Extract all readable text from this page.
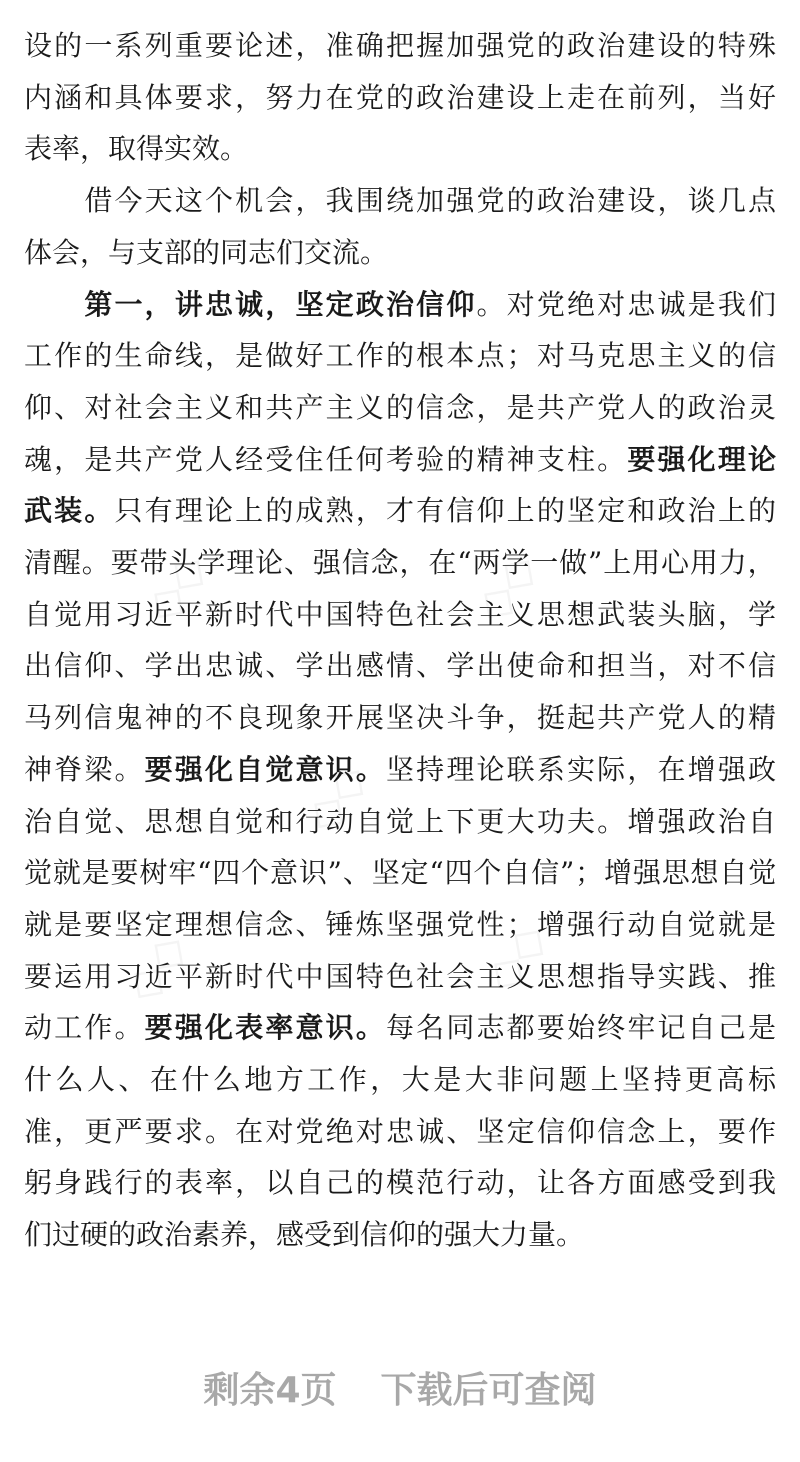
设的一系列重要论述，准确把握加强党的政治建设的特殊
内涵和具体要求，努力在党的政治建设上走在前列，当好
表率，取得实效。
　　借今天这个机会，我围绕加强党的政治建设，谈几点
体会，与支部的同志们交流。
　　第一，讲忠诚，坚定政治信仰。对党绝对忠诚是我们
工作的生命线，是做好工作的根本点；对马克思主义的信
仰、对社会主义和共产主义的信念，是共产党人的政治灵
魂，是共产党人经受住任何考验的精神支柱。要强化理论
武装。只有理论上的成熟，才有信仰上的坚定和政治上的
清醒。要带头学理论、强信念，在“两学一做”上用心用力，
自觉用习近平新时代中国特色社会主义思想武装头脑，学
出信仰、学出忠诚、学出感情、学出使命和担当，对不信
马列信鬼神的不良现象开展坚决斗争，挺起共产党人的精
神脊梁。要强化自觉意识。坚持理论联系实际，在增强政
治自觉、思想自觉和行动自觉上下更大功夫。增强政治自
觉就是要树牢“四个意识”、坚定“四个自信”；增强思想自觉
就是要坚定理想信念、锤炼坚强党性；增强行动自觉就是
要运用习近平新时代中国特色社会主义思想指导实践、推
动工作。要强化表率意识。每名同志都要始终牢记自己是
什么人、在什么地方工作，大是大非问题上坚持更高标
准，更严要求。在对党绝对忠诚、坚定信仰信念上，要作
躬身践行的表率，以自己的模范行动，让各方面感受到我
们过硬的政治素养，感受到信仰的强大力量。
剩余4页 下载后可查阅
